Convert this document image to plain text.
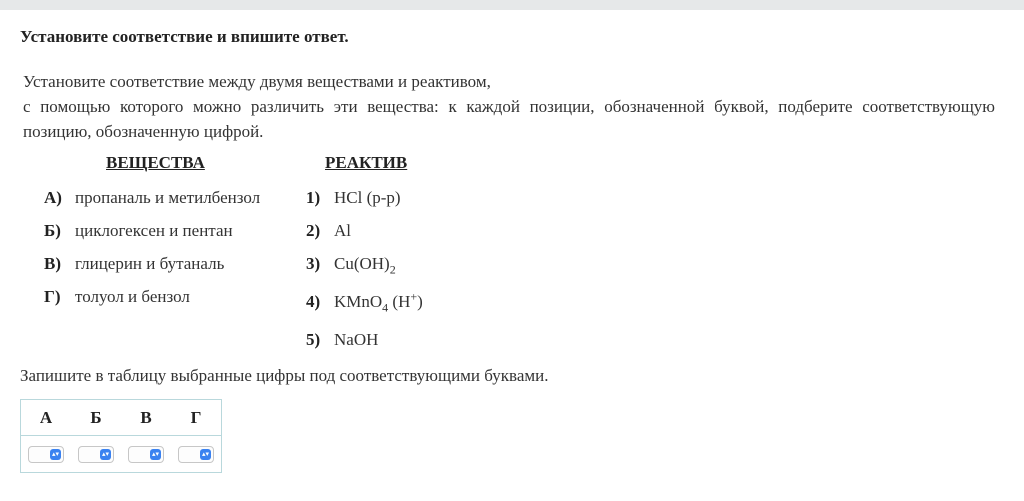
Установите соответствие и впишите ответ.
Установите соответствие между двумя веществами и реактивом,
с помощью которого можно различить эти вещества: к каждой позиции, обозначенной буквой, подберите соответствующую
позицию, обозначенную цифрой.
ВЕЩЕСТВА	РЕАКТИВ
А) пропаналь и метилбензол
Б) циклогексен и пентан
В) глицерин и бутаналь
Г) толуол и бензол
1) HCl (р-р)
2) Al
3) $Cu(OH)_2$
4) KMnO$_4$ (H+)
5) NaOH
Запишите в таблицу выбранные цифры под соответствующими буквами.
А	Б	В	Г

▴▾	▴▾	▴▾	▴▾
